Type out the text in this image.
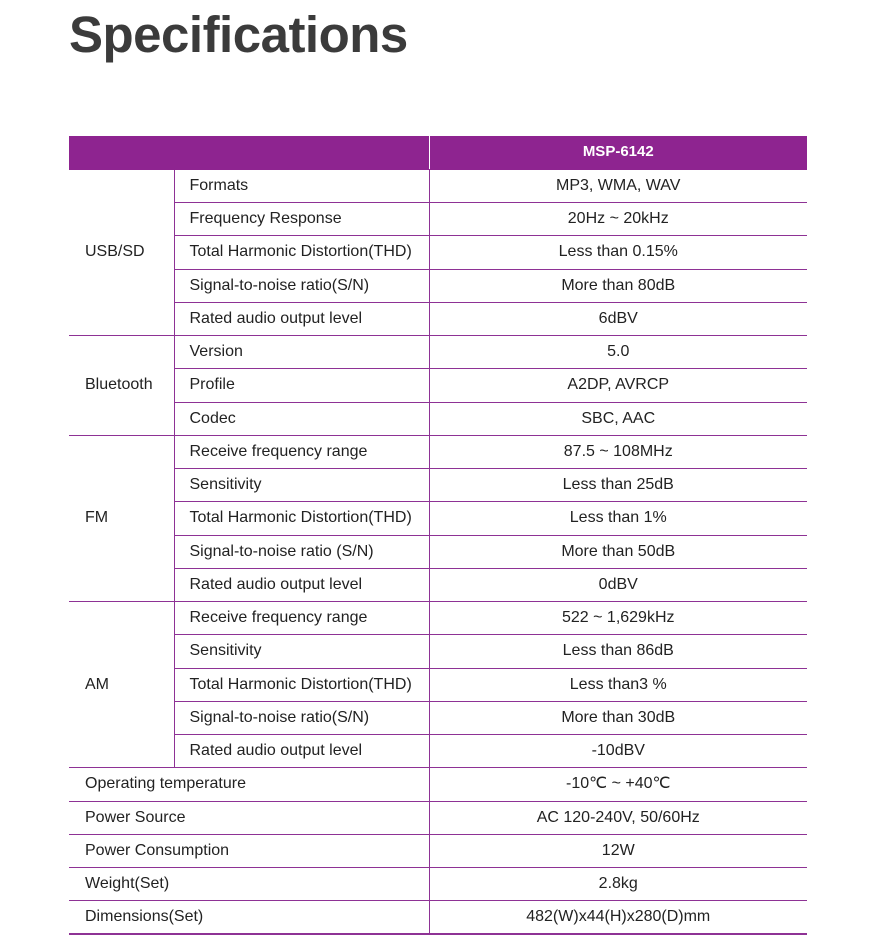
Specifications
		MSP-6142
USB/SD	Formats	MP3, WMA, WAV
	Frequency Response	20Hz ~ 20kHz
	Total Harmonic Distortion(THD)	Less than 0.15%
	Signal-to-noise ratio(S/N)	More than 80dB
	Rated audio output level	6dBV
Bluetooth	Version	5.0
	Profile	A2DP, AVRCP
	Codec	SBC, AAC
FM	Receive frequency range	87.5 ~ 108MHz
	Sensitivity	Less than 25dB
	Total Harmonic Distortion(THD)	Less than 1%
	Signal-to-noise ratio (S/N)	More than 50dB
	Rated audio output level	0dBV
AM	Receive frequency range	522 ~ 1,629kHz
	Sensitivity	Less than 86dB
	Total Harmonic Distortion(THD)	Less than3 %
	Signal-to-noise ratio(S/N)	More than 30dB
	Rated audio output level	-10dBV
Operating temperature		-10℃ ~ +40℃
Power Source		AC 120-240V, 50/60Hz
Power Consumption		12W
Weight(Set)		2.8kg
Dimensions(Set)		482(W)x44(H)x280(D)mm
